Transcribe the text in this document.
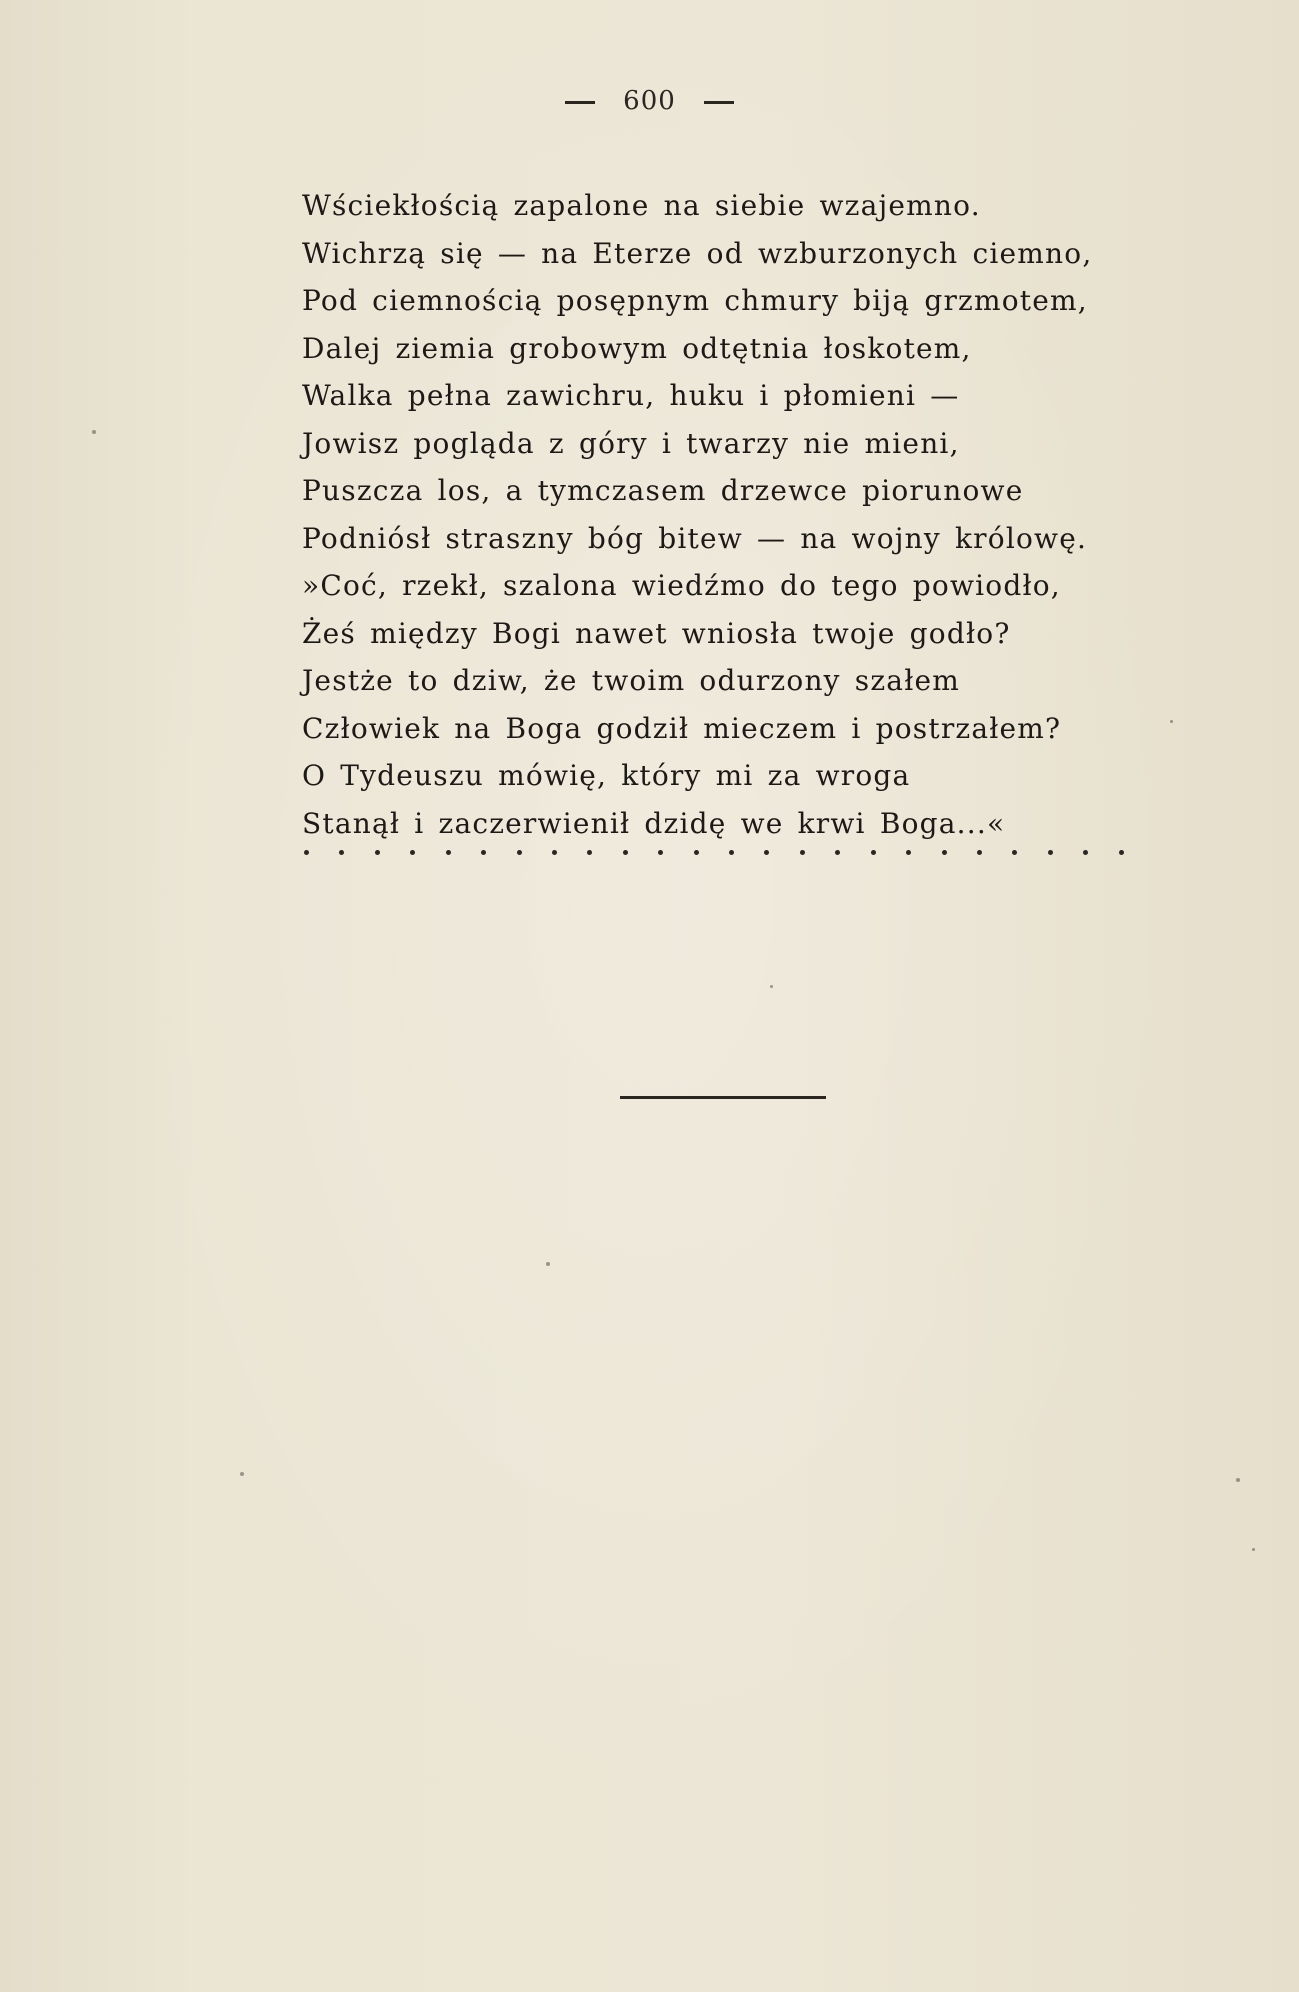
600
Wściekłością zapalone na siebie wzajemno.
Wichrzą się — na Eterze od wzburzonych ciemno,
Pod ciemnością posępnym chmury biją grzmotem,
Dalej ziemia grobowym odtętnia łoskotem,
Walka pełna zawichru, huku i płomieni —
Jowisz pogląda z góry i twarzy nie mieni,
Puszcza los, a tymczasem drzewce piorunowe
Podniósł straszny bóg bitew — na wojny królowę.
»Coć, rzekł, szalona wiedźmo do tego powiodło,
Żeś między Bogi nawet wniosła twoje godło?
Jestże to dziw, że twoim odurzony szałem
Człowiek na Boga godził mieczem i postrzałem?
O Tydeuszu mówię, który mi za wroga
Stanął i zaczerwienił dzidę we krwi Boga...«
